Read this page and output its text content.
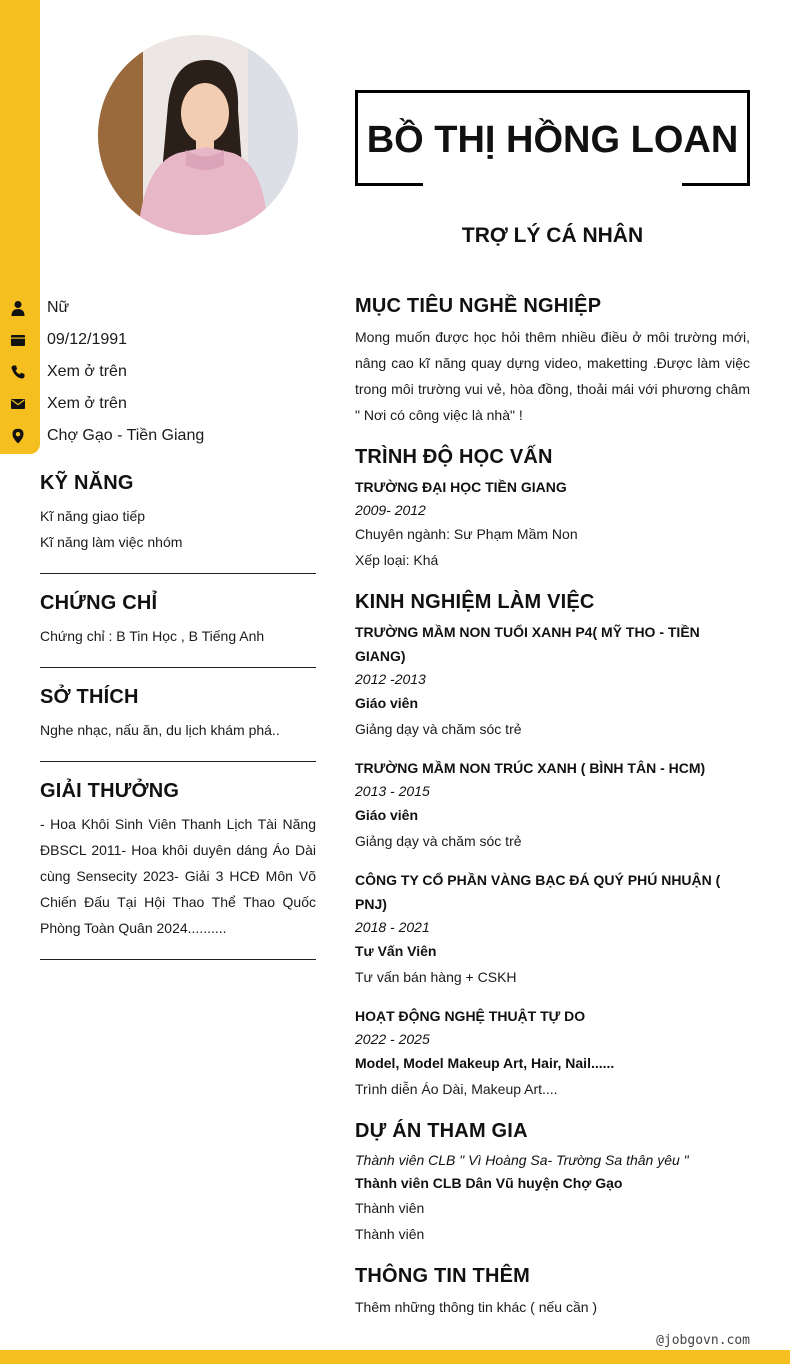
BỒ THỊ HỒNG LOAN
TRỢ LÝ CÁ NHÂN
Nữ
09/12/1991
Xem ở trên
Xem ở trên
Chợ Gạo - Tiền Giang
KỸ NĂNG
Kĩ năng giao tiếp
Kĩ năng làm việc nhóm
CHỨNG CHỈ
Chứng chỉ : B Tin Học , B Tiếng Anh
SỞ THÍCH
Nghe nhạc, nấu ăn, du lịch khám phá..
GIẢI THƯỞNG
- Hoa Khôi Sinh Viên Thanh Lịch Tài Năng ĐBSCL 2011- Hoa khôi duyên dáng Áo Dài cùng Sensecity 2023- Giải 3 HCĐ Môn Võ Chiến Đấu Tại Hội Thao Thể Thao Quốc Phòng Toàn Quân 2024..........
MỤC TIÊU NGHỀ NGHIỆP
Mong muốn được học hỏi thêm nhiều điều ở môi trường mới, nâng cao kĩ năng quay dựng video, maketting .Được làm việc trong môi trường vui vẻ, hòa đồng, thoải mái với phương châm " Nơi có công việc là nhà" !
TRÌNH ĐỘ HỌC VẤN
TRƯỜNG ĐẠI HỌC TIỀN GIANG
2009- 2012
Chuyên ngành: Sư Phạm Mầm Non
Xếp loại: Khá
KINH NGHIỆM LÀM VIỆC
TRƯỜNG MẦM NON TUỔI XANH P4( MỸ THO - TIỀN GIANG)
2012 -2013
Giáo viên
Giảng dạy và chăm sóc trẻ
TRƯỜNG MẦM NON TRÚC XANH ( BÌNH TÂN - HCM)
2013 - 2015
Giáo viên
Giảng dạy và chăm sóc trẻ
CÔNG TY CỔ PHẦN VÀNG BẠC ĐÁ QUÝ PHÚ NHUẬN ( PNJ)
2018 - 2021
Tư Vấn Viên
Tư vấn bán hàng + CSKH
HOẠT ĐỘNG NGHỆ THUẬT TỰ DO
2022 - 2025
Model, Model Makeup Art, Hair, Nail......
Trình diễn Áo Dài, Makeup Art....
DỰ ÁN THAM GIA
Thành viên CLB " Vì Hoàng Sa- Trường Sa thân yêu "
Thành viên CLB Dân Vũ huyện Chợ Gạo
Thành viên
Thành viên
THÔNG TIN THÊM
Thêm những thông tin khác ( nếu cần )
@jobgovn.com
